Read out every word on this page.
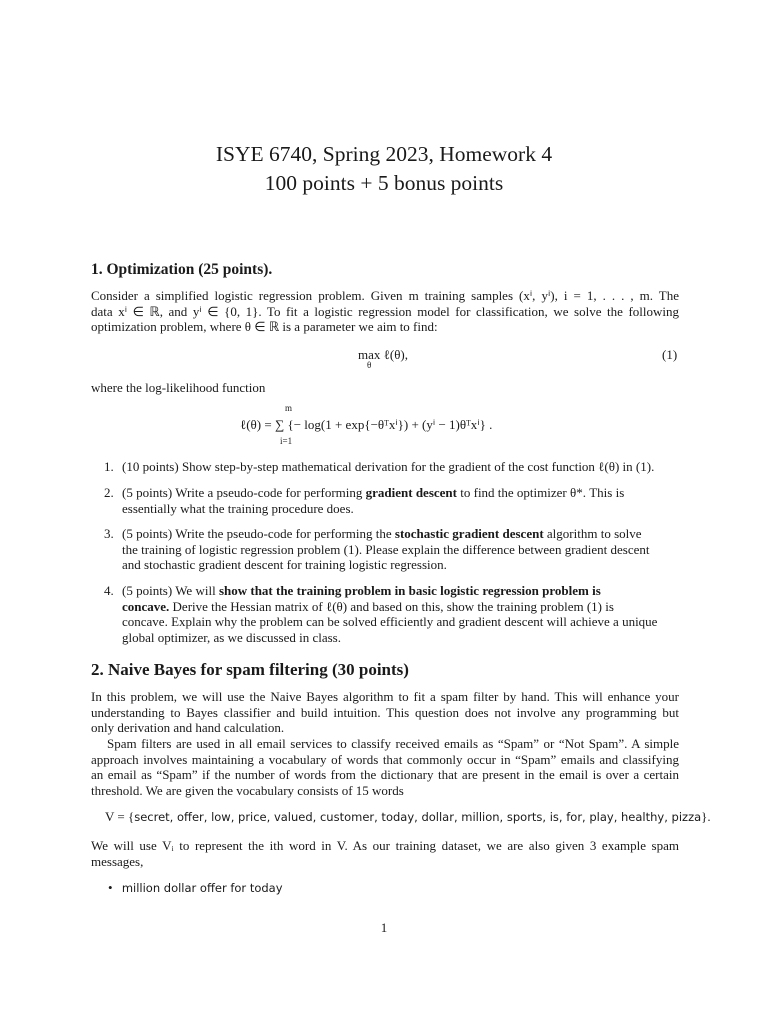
ISYE 6740, Spring 2023, Homework 4
100 points + 5 bonus points
1. Optimization (25 points).
Consider a simplified logistic regression problem. Given m training samples (xⁱ, yⁱ), i = 1, . . . , m. The
data xⁱ ∈ ℝ, and yⁱ ∈ {0, 1}. To fit a logistic regression model for classification, we solve the following
optimization problem, where θ ∈ ℝ is a parameter we aim to find:
max ℓ(θ),
θ
(1)
where the log-likelihood function
m
ℓ(θ) = ∑ {− log(1 + exp{−θᵀxⁱ}) + (yⁱ − 1)θᵀxⁱ} .
i=1
1. (10 points) Show step-by-step mathematical derivation for the gradient of the cost function ℓ(θ) in (1).
2. (5 points) Write a pseudo-code for performing gradient descent to find the optimizer θ*. This is
essentially what the training procedure does.
3. (5 points) Write the pseudo-code for performing the stochastic gradient descent algorithm to solve
the training of logistic regression problem (1). Please explain the difference between gradient descent
and stochastic gradient descent for training logistic regression.
4. (5 points) We will show that the training problem in basic logistic regression problem is
concave. Derive the Hessian matrix of ℓ(θ) and based on this, show the training problem (1) is
concave. Explain why the problem can be solved efficiently and gradient descent will achieve a unique
global optimizer, as we discussed in class.
2. Naive Bayes for spam filtering (30 points)
In this problem, we will use the Naive Bayes algorithm to fit a spam filter by hand. This will enhance your
understanding to Bayes classifier and build intuition. This question does not involve any programming but
only derivation and hand calculation.
Spam filters are used in all email services to classify received emails as “Spam” or “Not Spam”. A simple
approach involves maintaining a vocabulary of words that commonly occur in “Spam” emails and classifying
an email as “Spam” if the number of words from the dictionary that are present in the email is over a certain
threshold. We are given the vocabulary consists of 15 words
V = {secret, offer, low, price, valued, customer, today, dollar, million, sports, is, for, play, healthy, pizza}.
We will use Vᵢ to represent the ith word in V. As our training dataset, we are also given 3 example spam
messages,
• million dollar offer for today
1
